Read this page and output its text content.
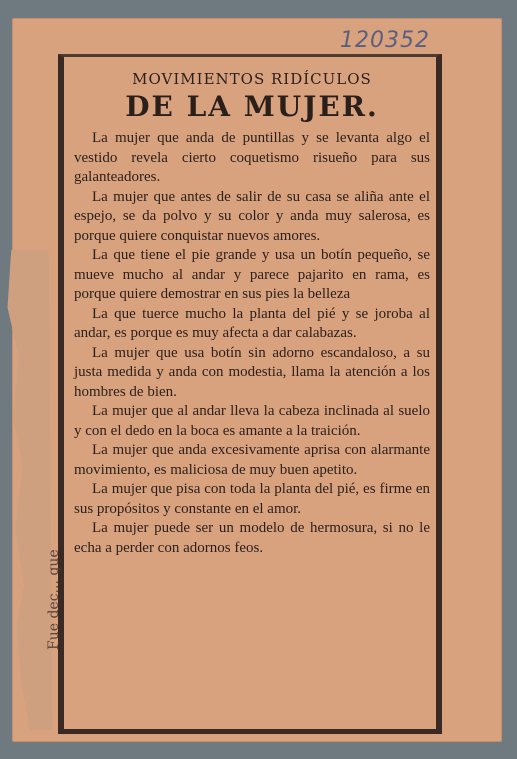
120352
MOVIMIENTOS RIDÍCULOS
DE LA MUJER.

La mujer que anda de puntillas y se levanta algo el vestido revela cierto coquetismo risueño para sus galanteadores.

La mujer que antes de salir de su casa se aliña ante el espejo, se da polvo y su color y anda muy salerosa, es porque quiere conquistar nuevos amores.

La que tiene el pie grande y usa un botín pequeño, se mueve mucho al andar y parece pajarito en rama, es porque quiere demostrar en sus pies la belleza

La que tuerce mucho la planta del pié y se joroba al andar, es porque es muy afecta a dar calabazas.

La mujer que usa botín sin adorno escandaloso, a su justa medida y anda con modestia, llama la atención a los hombres de bien.

La mujer que al andar lleva la cabeza inclinada al suelo y con el dedo en la boca es amante a la traición.

La mujer que anda excesivamente aprisa con alarmante movimiento, es maliciosa de muy buen apetito.

La mujer que pisa con toda la planta del pié, es firme en sus propósitos y constante en el amor.

La mujer puede ser un modelo de hermosura, si no le echa a perder con adornos feos.

Fue dec... que
